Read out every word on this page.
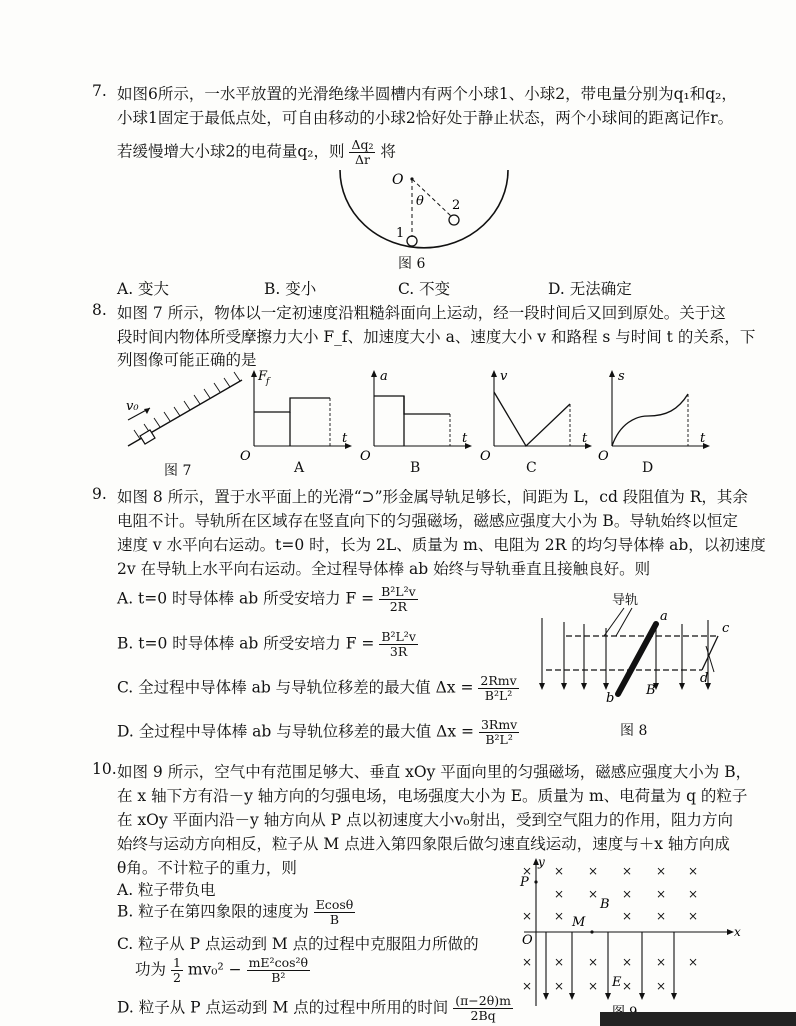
7. 如图6所示，一水平放置的光滑绝缘半圆槽内有两个小球1、小球2，带电量分别为q₁和q₂，
小球1固定于最低点处，可自由移动的小球2恰好处于静止状态，两个小球间的距离记作r。
若缓慢增大小球2的电荷量q₂，则 $\frac{\text{Δq₂}}{\Delta r}$ 将
O
θ
1
2
图 6
A. 变大	B. 变小	C. 不变	D. 无法确定
8. 如图 7 所示，物体以一定初速度沿粗糙斜面向上运动，经一段时间后又回到原处。关于这
段时间内物体所受摩擦力大小 F_f、加速度大小 a、速度大小 v 和路程 s 与时间 t 的关系，下
列图像可能正确的是
v₀
图 7
F
f
t
O
A
a
t
O
B
v
t
O
C
s
t
O
D
9. 如图 8 所示，置于水平面上的光滑“⊃”形金属导轨足够长，间距为 L，cd 段阻值为 R，其余
电阻不计。导轨所在区域存在竖直向下的匀强磁场，磁感应强度大小为 B。导轨始终以恒定
速度 v 水平向右运动。t=0 时，长为 2L、质量为 m、电阻为 2R 的均匀导体棒 ab，以初速度
2v 在导轨上水平向右运动。全过程导体棒 ab 始终与导轨垂直且接触良好。则
A. t=0 时导体棒 ab 所受安培力 $F = \frac{\text{B²L²v}}{2R}$
B. t=0 时导体棒 ab 所受安培力 $F = \frac{\text{B²L²v}}{3R}$
C. 全过程中导体棒 ab 与导轨位移差的最大值 $\Delta x = \frac{\text{2Rmv}}{\text{B²L²}}$
D. 全过程中导体棒 ab 与导轨位移差的最大值 $\Delta x = \frac{\text{3Rmv}}{\text{B²L²}}$
导轨
a
b
c
d
B
图 8
10. 如图 9 所示，空气中有范围足够大、垂直 xOy 平面向里的匀强磁场，磁感应强度大小为 B，
在 x 轴下方有沿－y 轴方向的匀强电场，电场强度大小为 E。质量为 m、电荷量为 q 的粒子
在 xOy 平面内沿－y 轴方向从 P 点以初速度大小v₀射出，受到空气阻力的作用，阻力方向
始终与运动方向相反，粒子从 M 点进入第四象限后做匀速直线运动，速度与＋x 轴方向成
θ角。不计粒子的重力，则
A. 粒子带负电
B. 粒子在第四象限的速度为 $\frac{Ecos\theta}{B}$
C. 粒子从 P 点运动到 M 点的过程中克服阻力所做的
功为 $\frac{1}{2} mv_0^2 - \frac{\text{mE²cos²θ}}{\text{B²}}$
D. 粒子从 P 点运动到 M 点的过程中所用的时间 $\frac{(\pi-2\theta)m}{2Bq}$
y
x
P
O
M
B
E
× × × × × ×
× × × × ×
× ×	× × ×
× × × × × ×
× × × × ×
